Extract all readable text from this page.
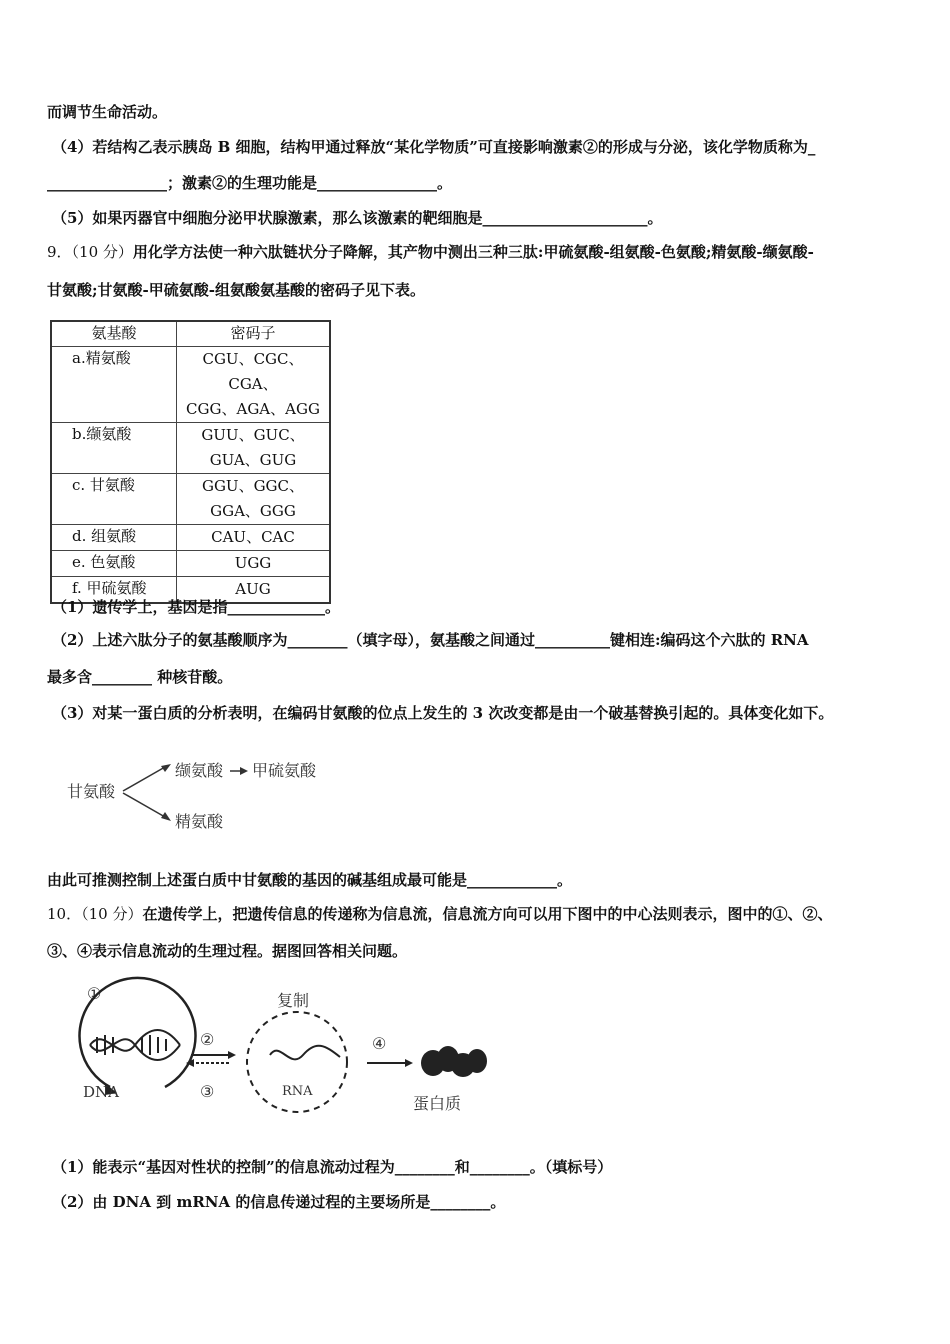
而调节生命活动。
（4）若结构乙表示胰岛 B 细胞，结构甲通过释放“某化学物质”可直接影响激素②的形成与分泌，该化学物质称为_
________________；激素②的生理功能是________________。
（5）如果丙器官中细胞分泌甲状腺激素，那么该激素的靶细胞是______________________。
9．（10 分）用化学方法使一种六肽链状分子降解，其产物中测出三种三肽:甲硫氨酸-组氨酸-色氨酸;精氨酸-缬氨酸-
甘氨酸;甘氨酸-甲硫氨酸-组氨酸氨基酸的密码子见下表。
氨基酸	密码子
a.精氨酸	CGU、CGC、CGA、
CGG、AGA、AGG

b.缬氨酸	GUU、GUC、
GUA、GUG

c. 甘氨酸	GGU、GGC、
GGA、GGG

d. 组氨酸	CAU、CAC
e. 色氨酸	UGG
f. 甲硫氨酸	AUG
（1）遗传学上，基因是指_____________。
（2）上述六肽分子的氨基酸顺序为________（填字母），氨基酸之间通过__________键相连:编码这个六肽的 RNA
最多含________ 种核苷酸。
（3）对某一蛋白质的分析表明，在编码甘氨酸的位点上发生的 3 次改变都是由一个破基替换引起的。具体变化如下。
甘氨酸
缬氨酸 甲硫氨酸
精氨酸
由此可推测控制上述蛋白质中甘氨酸的基因的碱基组成最可能是____________。
10．（10 分）在遗传学上，把遗传信息的传递称为信息流，信息流方向可以用下图中的中心法则表示，图中的①、②、
③、④表示信息流动的生理过程。据图回答相关问题。
①
DNA
②
③
复制
RNA
④
蛋白质
（1）能表示“基因对性状的控制”的信息流动过程为________和________。（填标号）
（2）由 DNA 到 mRNA 的信息传递过程的主要场所是________。
